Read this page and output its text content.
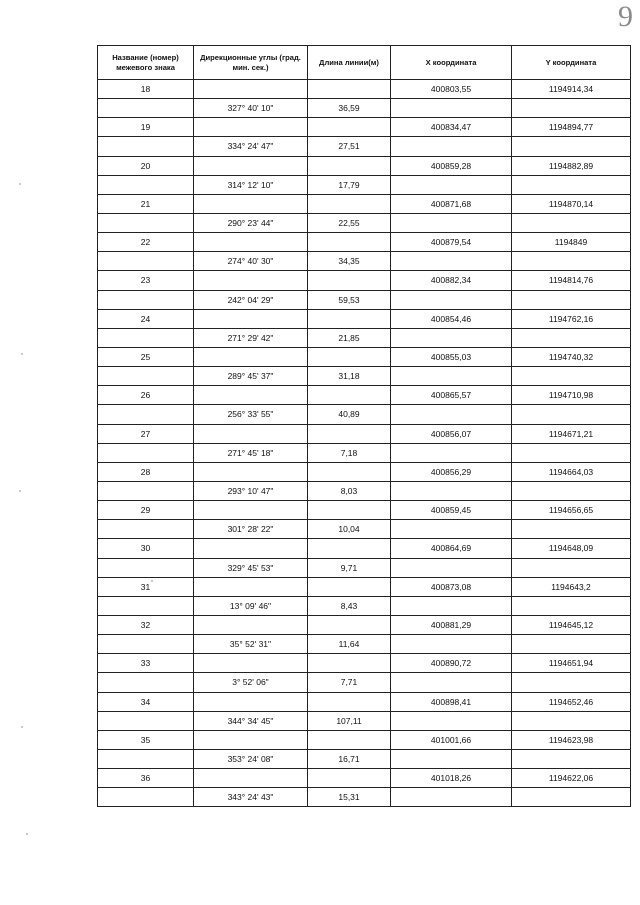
9
Название (номер) межевого знака	Дирекционные углы (град. мин. сек.)	Длина линии(м)	Х координата	Y координата
18			400803,55	1194914,34
	327° 40' 10"	36,59		
19			400834,47	1194894,77
	334° 24' 47"	27,51		
20			400859,28	1194882,89
	314° 12' 10"	17,79		
21			400871,68	1194870,14
	290° 23' 44"	22,55		
22			400879,54	1194849
	274° 40' 30"	34,35		
23			400882,34	1194814,76
	242° 04' 29"	59,53		
24			400854,46	1194762,16
	271° 29' 42"	21,85		
25			400855,03	1194740,32
	289° 45' 37"	31,18		
26			400865,57	1194710,98
	256° 33' 55"	40,89		
27			400856,07	1194671,21
	271° 45' 18"	7,18		
28			400856,29	1194664,03
	293° 10' 47"	8,03		
29			400859,45	1194656,65
	301° 28' 22"	10,04		
30			400864,69	1194648,09
	329° 45' 53"	9,71		
31			400873,08	1194643,2
	13° 09' 46"	8,43		
32			400881,29	1194645,12
	35° 52' 31"	11,64		
33			400890,72	1194651,94
	3° 52' 06"	7,71		
34			400898,41	1194652,46
	344° 34' 45"	107,11		
35			401001,66	1194623,98
	353° 24' 08"	16,71		
36			401018,26	1194622,06
	343° 24' 43"	15,31		
